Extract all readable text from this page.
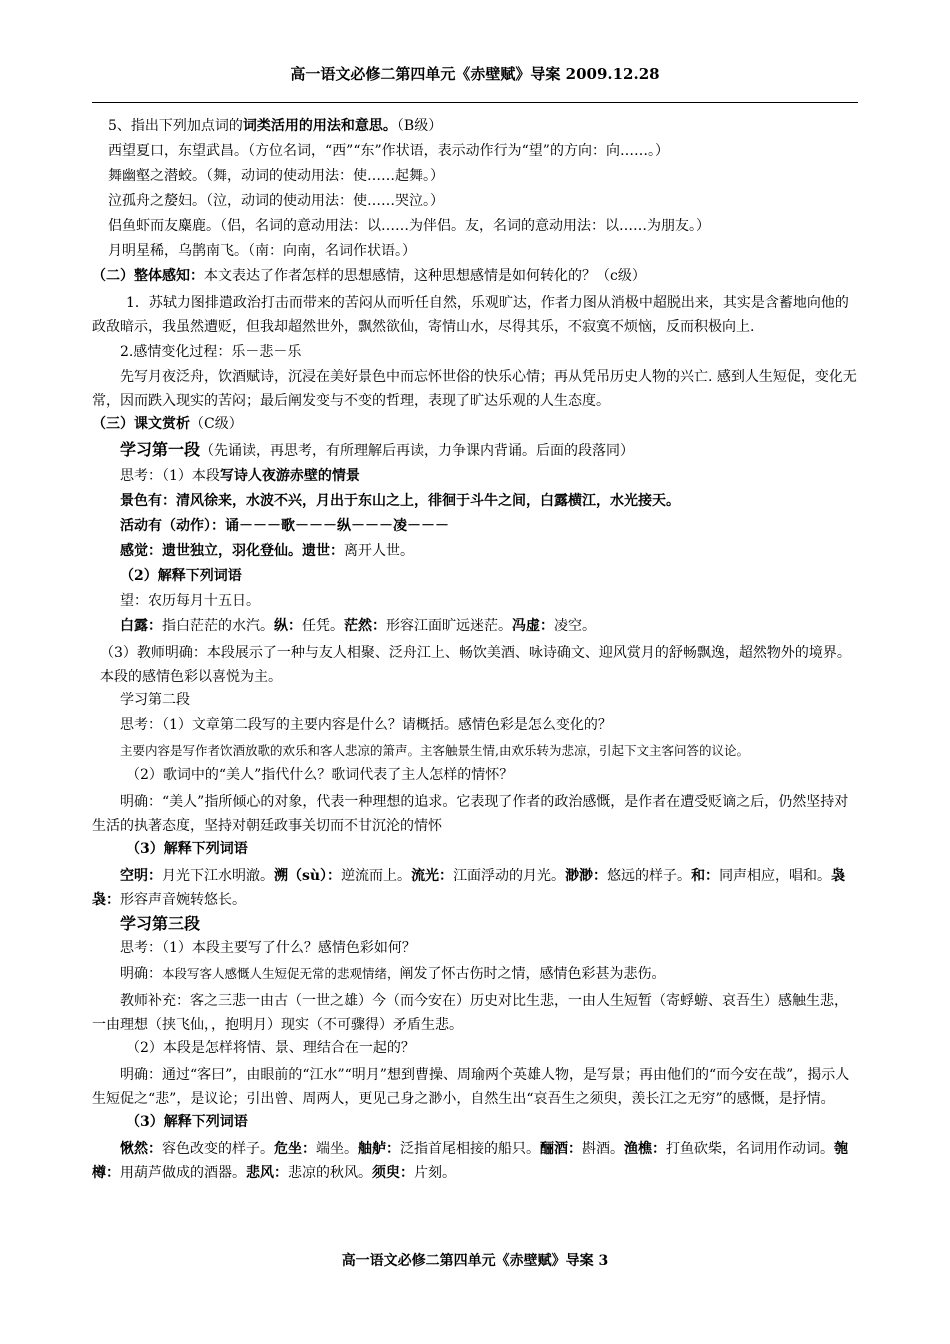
高一语文必修二第四单元《赤壁赋》导案 2009.12.28
5、指出下列加点词的词类活用的用法和意思。（B级）
西望夏口，东望武昌。（方位名词，“西”“东”作状语，表示动作行为“望”的方向：向……。）
舞幽壑之潜蛟。（舞，动词的使动用法：使……起舞。）
泣孤舟之嫠妇。（泣，动词的使动用法：使……哭泣。）
侣鱼虾而友麋鹿。（侣，名词的意动用法：以……为伴侣。友，名词的意动用法：以……为朋友。）
月明星稀，乌鹊南飞。（南：向南，名词作状语。）
（二）整体感知：本文表达了作者怎样的思想感情，这种思想感情是如何转化的？（c级）
1．苏轼力图排遣政治打击而带来的苦闷从而听任自然，乐观旷达，作者力图从消极中超脱出来，其实是含蓄地向他的政敌暗示，我虽然遭贬，但我却超然世外，飘然欲仙，寄情山水，尽得其乐，不寂寞不烦恼，反而积极向上.
2.感情变化过程：乐－悲－乐
先写月夜泛舟，饮酒赋诗，沉浸在美好景色中而忘怀世俗的快乐心情；再从凭吊历史人物的兴亡. 感到人生短促，变化无常，因而跌入现实的苦闷；最后阐发变与不变的哲理，表现了旷达乐观的人生态度。
（三）课文赏析（C级）
学习第一段（先诵读，再思考，有所理解后再读，力争课内背诵。后面的段落同）
思考：（1）本段写诗人夜游赤壁的情景
景色有：清风徐来，水波不兴，月出于东山之上，徘徊于斗牛之间，白露横江，水光接天。
活动有（动作）：诵－－－歌－－－纵－－－凌－－－
感觉：遗世独立，羽化登仙。遗世：离开人世。
（2）解释下列词语
望：农历每月十五日。
白露：指白茫茫的水汽。纵：任凭。茫然：形容江面旷远迷茫。冯虚：凌空。
（3）教师明确：本段展示了一种与友人相聚、泛舟江上、畅饮美酒、咏诗确文、迎风赏月的舒畅飘逸，超然物外的境界。本段的感情色彩以喜悦为主。
学习第二段
思考：（1）文章第二段写的主要内容是什么？请概括。感情色彩是怎么变化的？
主要内容是写作者饮酒放歌的欢乐和客人悲凉的箫声。主客触景生情,由欢乐转为悲凉，引起下文主客问答的议论。
（2）歌词中的“美人”指代什么？歌词代表了主人怎样的情怀？
明确：“美人”指所倾心的对象，代表一种理想的追求。它表现了作者的政治感慨，是作者在遭受贬谪之后，仍然坚持对生活的执著态度，坚持对朝廷政事关切而不甘沉沦的情怀
（3）解释下列词语
空明：月光下江水明澈。溯（sù）：逆流而上。流光：江面浮动的月光。渺渺：悠远的样子。和：同声相应，唱和。袅袅：形容声音婉转悠长。
学习第三段
思考：（1）本段主要写了什么？感情色彩如何？
明确：本段写客人感慨人生短促无常的悲观情绪，阐发了怀古伤时之情，感情色彩甚为悲伤。
教师补充：客之三悲一由古（一世之雄）今（而今安在）历史对比生悲，一由人生短暂（寄蜉蝣、哀吾生）感触生悲，一由理想（挟飞仙，，抱明月）现实（不可骤得）矛盾生悲。
（2）本段是怎样将情、景、理结合在一起的？
明确：通过“客曰”，由眼前的“江水”“明月”想到曹操、周瑜两个英雄人物，是写景；再由他们的“而今安在哉”，揭示人生短促之“悲”，是议论；引出曾、周两人，更见己身之渺小，自然生出“哀吾生之须臾，羡长江之无穷”的感慨，是抒情。
（3）解释下列词语
愀然：容色改变的样子。危坐：端坐。舳舻：泛指首尾相接的船只。酾酒：斟酒。渔樵：打鱼砍柴，名词用作动词。匏樽：用葫芦做成的酒器。悲风：悲凉的秋风。须臾：片刻。
高一语文必修二第四单元《赤壁赋》导案 3
